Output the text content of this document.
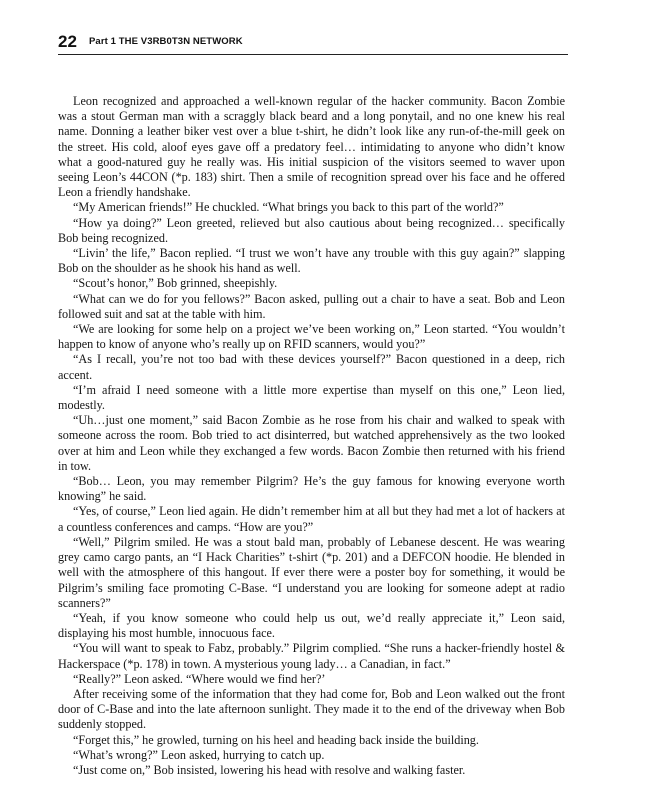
22 Part 1 THE V3RB0T3N NETWORK

Leon recognized and approached a well-known regular of the hacker community. Bacon Zombie was a stout German man with a scraggly black beard and a long ponytail, and no one knew his real name. Donning a leather biker vest over a blue t-shirt, he didn’t look like any run-of-the-mill geek on the street. His cold, aloof eyes gave off a predatory feel… intimidating to anyone who didn’t know what a good-natured guy he really was. His initial suspicion of the visitors seemed to waver upon seeing Leon’s 44CON (*p. 183) shirt. Then a smile of recognition spread over his face and he offered Leon a friendly handshake.

“My American friends!” He chuckled. “What brings you back to this part of the world?”

“How ya doing?” Leon greeted, relieved but also cautious about being recognized… specifically Bob being recognized.

“Livin’ the life,” Bacon replied. “I trust we won’t have any trouble with this guy again?” slapping Bob on the shoulder as he shook his hand as well.

“Scout’s honor,” Bob grinned, sheepishly.

“What can we do for you fellows?” Bacon asked, pulling out a chair to have a seat. Bob and Leon followed suit and sat at the table with him.

“We are looking for some help on a project we’ve been working on,” Leon started. “You wouldn’t happen to know of anyone who’s really up on RFID scanners, would you?”

“As I recall, you’re not too bad with these devices yourself?” Bacon questioned in a deep, rich accent.

“I’m afraid I need someone with a little more expertise than myself on this one,” Leon lied, modestly.

“Uh…just one moment,” said Bacon Zombie as he rose from his chair and walked to speak with someone across the room. Bob tried to act disinterred, but watched apprehensively as the two looked over at him and Leon while they exchanged a few words. Bacon Zombie then returned with his friend in tow.

“Bob… Leon, you may remember Pilgrim? He’s the guy famous for knowing everyone worth knowing” he said.

“Yes, of course,” Leon lied again. He didn’t remember him at all but they had met a lot of hackers at a countless conferences and camps. “How are you?”

“Well,” Pilgrim smiled. He was a stout bald man, probably of Lebanese descent. He was wearing grey camo cargo pants, an “I Hack Charities” t-shirt (*p. 201) and a DEFCON hoodie. He blended in well with the atmosphere of this hangout. If ever there were a poster boy for something, it would be Pilgrim’s smiling face promoting C-Base. “I understand you are looking for someone adept at radio scanners?”

“Yeah, if you know someone who could help us out, we’d really appreciate it,” Leon said, displaying his most humble, innocuous face.

“You will want to speak to Fabz, probably.” Pilgrim complied. “She runs a hacker-friendly hostel & Hackerspace (*p. 178) in town. A mysterious young lady… a Canadian, in fact.”

“Really?” Leon asked. “Where would we find her?’

After receiving some of the information that they had come for, Bob and Leon walked out the front door of C-Base and into the late afternoon sunlight. They made it to the end of the driveway when Bob suddenly stopped.

“Forget this,” he growled, turning on his heel and heading back inside the building.

“What’s wrong?” Leon asked, hurrying to catch up.

“Just come on,” Bob insisted, lowering his head with resolve and walking faster.
